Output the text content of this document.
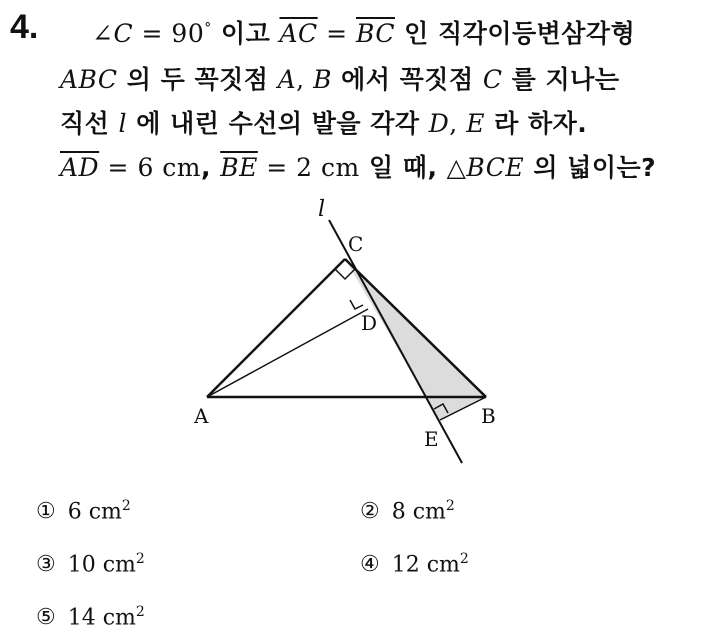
4. ∠C = 90° 이고 $\overline{AC} = \overline{BC}$ 인 직각이등변삼각형
ABC 의 두 꼭짓점 A, B 에서 꼭짓점 C 를 지나는
직선 l 에 내린 수선의 발을 각각 D, E 라 하자.
$\overline{AD} = 6$ cm, $\overline{BE} = 2$ cm 일 때, △BCE 의 넓이는?
l
C
D
A	B
E
① 6 $cm^2$	② 8 $cm^2$
③ 10 $cm^2$	④ 12 $cm^2$
⑤ 14 $cm^2$
